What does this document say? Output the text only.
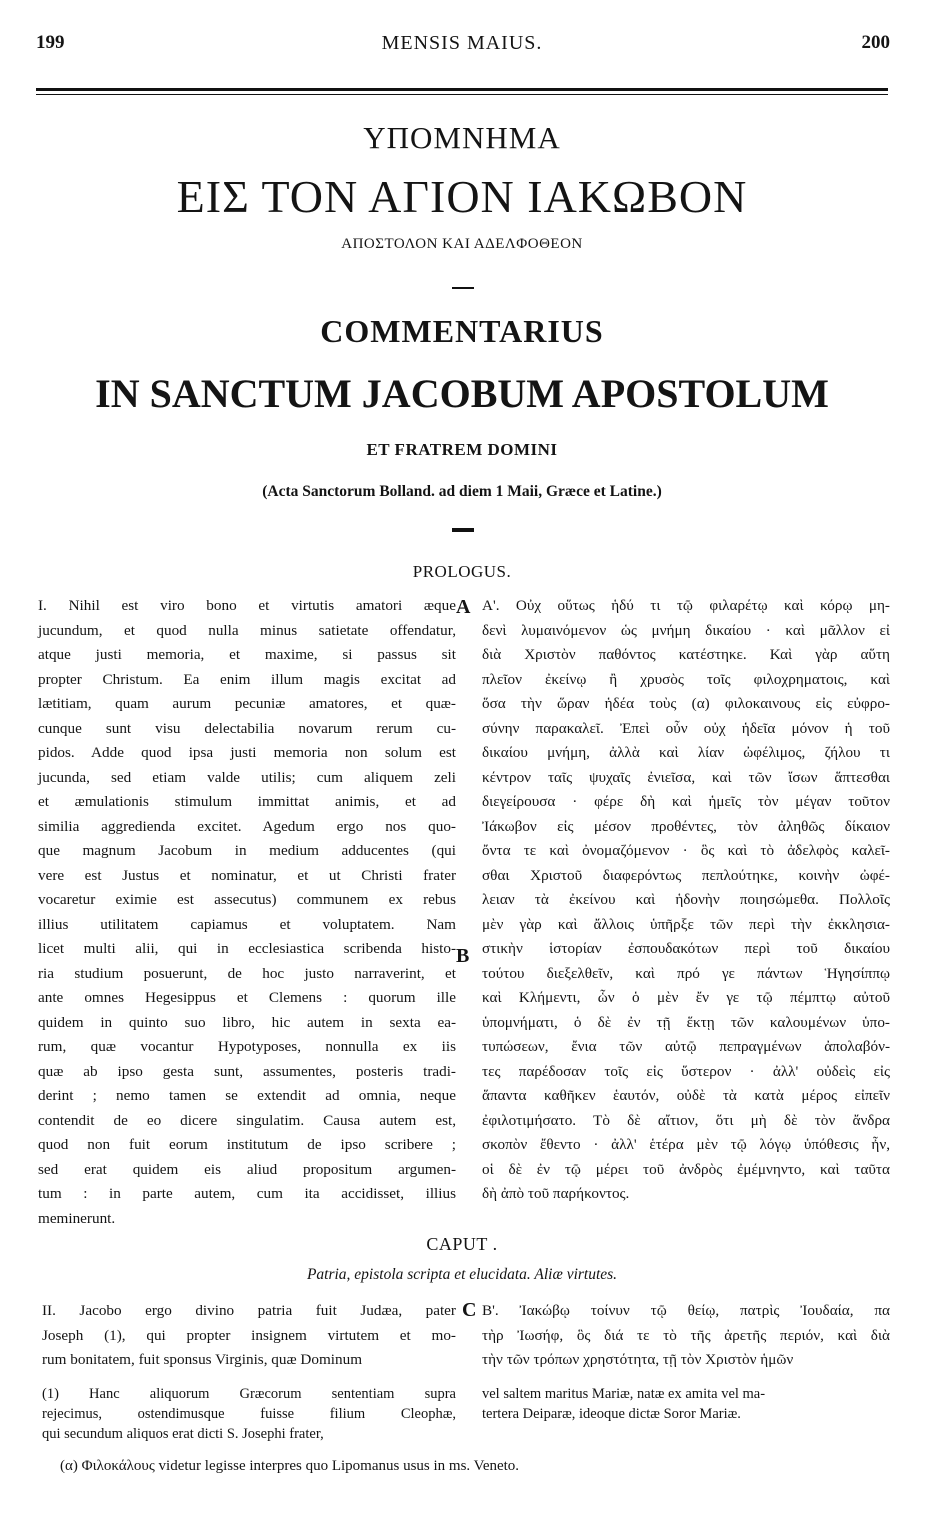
199	MENSIS MAIUS.	200
ΥΠΟΜΝΗΜΑ
ΕΙΣ ΤΟΝ ΑΓΙΟΝ ΙΑΚΩΒΟΝ
ΑΠΟΣΤΟΛΟΝ ΚΑΙ ΑΔΕΛΦΟΘΕΟΝ
COMMENTARIUS
IN SANCTUM JACOBUM APOSTOLUM
ET FRATREM DOMINI
(Acta Sanctorum Bolland. ad diem 1 Maii, Græce et Latine.)
PROLOGUS.
I. Nihil est viro bono et virtutis amatori æque
jucundum, et quod nulla minus satietate offendatur,
atque justi memoria, et maxime, si passus sit
propter Christum. Ea enim illum magis excitat ad
lætitiam, quam aurum pecuniæ amatores, et quæ-
cunque sunt visu delectabilia novarum rerum cu-
pidos. Adde quod ipsa justi memoria non solum est
jucunda, sed etiam valde utilis; cum aliquem zeli
et æmulationis stimulum immittat animis, et ad
similia aggredienda excitet. Agedum ergo nos quo-
que magnum Jacobum in medium adducentes (qui
vere est Justus et nominatur, et ut Christi frater
vocaretur eximie est assecutus) communem ex rebus
illius utilitatem capiamus et voluptatem. Nam
licet multi alii, qui in ecclesiastica scribenda histo-
ria studium posuerunt, de hoc justo narraverint, et
ante omnes Hegesippus et Clemens : quorum ille
quidem in quinto suo libro, hic autem in sexta ea-
rum, quæ vocantur Hypotyposes, nonnulla ex iis
quæ ab ipso gesta sunt, assumentes, posteris tradi-
derint ; nemo tamen se extendit ad omnia, neque
contendit de eo dicere singulatim. Causa autem est,
quod non fuit eorum institutum de ipso scribere ;
sed erat quidem eis aliud propositum argumen-
tum : in parte autem, cum ita accidisset, illius
meminerunt.
Α'. Οὐχ οὕτως ἡδύ τι τῷ φιλαρέτῳ καὶ κόρῳ μη-
δενὶ λυμαινόμενον ὡς μνήμη δικαίου · καὶ μᾶλλον εἰ
διὰ Χριστὸν παθόντος κατέστηκε. Καὶ γὰρ αὕτη
πλεῖον ἐκείνῳ ἢ χρυσὸς τοῖς φιλοχρηματοις, καὶ
ὅσα τὴν ὥραν ἡδέα τοὺς (α) φιλοκαινους εἰς εὐφρο-
σύνην παρακαλεῖ. Ἐπεὶ οὖν οὐχ ἡδεῖα μόνον ἡ τοῦ
δικαίου μνήμη, ἀλλὰ καὶ λίαν ὠφέλιμος, ζήλου τι
κέντρον ταῖς ψυχαῖς ἐνιεῖσα, καὶ τῶν ἴσων ἅπτεσθαι
διεγείρουσα · φέρε δὴ καὶ ἡμεῖς τὸν μέγαν τοῦτον
Ἰάκωβον εἰς μέσον προθέντες, τὸν ἀληθῶς δίκαιον
ὄντα τε καὶ ὀνομαζόμενον · ὃς καὶ τὸ ἀδελφὸς καλεῖ-
σθαι Χριστοῦ διαφερόντως πεπλούτηκε, κοινὴν ὠφέ-
λειαν τὰ ἐκείνου καὶ ἡδονὴν ποιησώμεθα. Πολλοῖς
μὲν γὰρ καὶ ἄλλοις ὑπῆρξε τῶν περὶ τὴν ἐκκλησια-
στικὴν ἱστορίαν ἐσπουδακότων περὶ τοῦ δικαίου
τούτου διεξελθεῖν, καὶ πρό γε πάντων Ἡγησίππῳ
καὶ Κλήμεντι, ὧν ὁ μὲν ἔν γε τῷ πέμπτῳ αὐτοῦ
ὑπομνήματι, ὁ δὲ ἐν τῇ ἕκτῃ τῶν καλουμένων ὑπο-
τυπώσεων, ἔνια τῶν αὐτῷ πεπραγμένων ἀπολαβόν-
τες παρέδοσαν τοῖς εἰς ὕστερον · ἀλλ' οὐδεὶς εἰς
ἅπαντα καθῆκεν ἑαυτόν, οὐδὲ τὰ κατὰ μέρος εἰπεῖν
ἐφιλοτιμήσατο. Τὸ δὲ αἴτιον, ὅτι μὴ δὲ τὸν ἄνδρα
σκοπὸν ἔθεντο · ἀλλ' ἑτέρα μὲν τῷ λόγῳ ὑπόθεσις ἦν,
οἱ δὲ ἐν τῷ μέρει τοῦ ἀνδρὸς ἐμέμνηντο, καὶ ταῦτα
δὴ ἀπὸ τοῦ παρήκοντος.
A
B
CAPUT .
Patria, epistola scripta et elucidata. Aliæ virtutes.
II. Jacobo ergo divino patria fuit Judæa, pater
Joseph (1), qui propter insignem virtutem et mo-
rum bonitatem, fuit sponsus Virginis, quæ Dominum
Β'. Ἰακώβῳ τοίνυν τῷ θείῳ, πατρὶς Ἰουδαία, πα
τὴρ Ἰωσήφ, ὃς διά τε τὸ τῆς ἀρετῆς περιόν, καὶ διὰ
τὴν τῶν τρόπων χρηστότητα, τῇ τὸν Χριστὸν ἡμῶν
C
(1) Hanc aliquorum Græcorum sententiam supra
rejecimus, ostendimusque fuisse filium Cleophæ,
qui secundum aliquos erat dicti S. Josephi frater,
vel saltem maritus Mariæ, natæ ex amita vel ma-
tertera Deiparæ, ideoque dictæ Soror Mariæ.
(α) Φιλοκάλους videtur legisse interpres quo Lipomanus usus in ms. Veneto.
